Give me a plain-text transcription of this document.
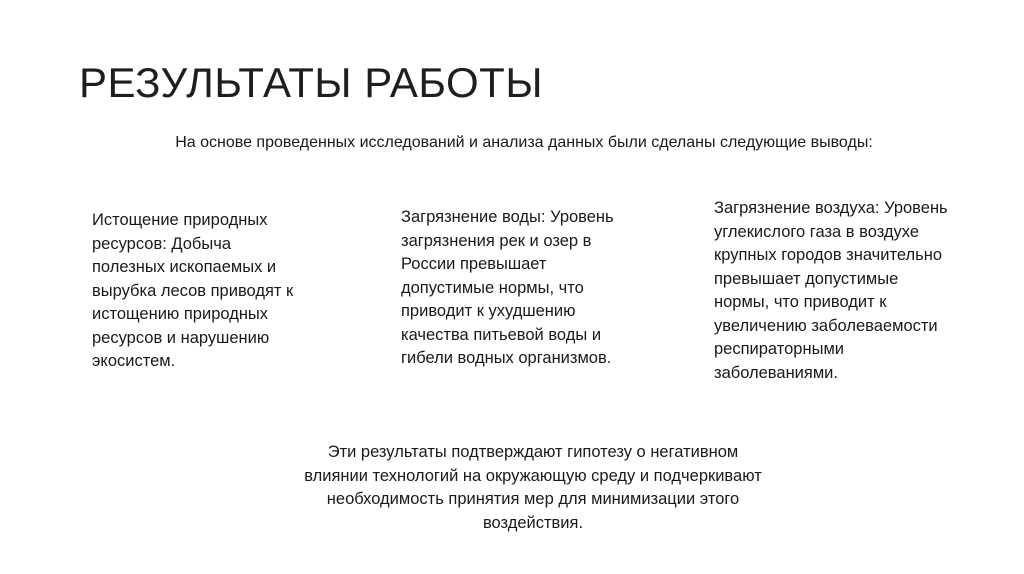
РЕЗУЛЬТАТЫ РАБОТЫ
На основе проведенных исследований и анализа данных были сделаны следующие выводы:
Истощение природных
ресурсов: Добыча
полезных ископаемых и
вырубка лесов приводят к
истощению природных
ресурсов и нарушению
экосистем.
Загрязнение воды: Уровень
загрязнения рек и озер в
России превышает
допустимые нормы, что
приводит к ухудшению
качества питьевой воды и
гибели водных организмов.
Загрязнение воздуха: Уровень
углекислого газа в воздухе
крупных городов значительно
превышает допустимые
нормы, что приводит к
увеличению заболеваемости
респираторными
заболеваниями.
Эти результаты подтверждают гипотезу о негативном
влиянии технологий на окружающую среду и подчеркивают
необходимость принятия мер для минимизации этого
воздействия.
